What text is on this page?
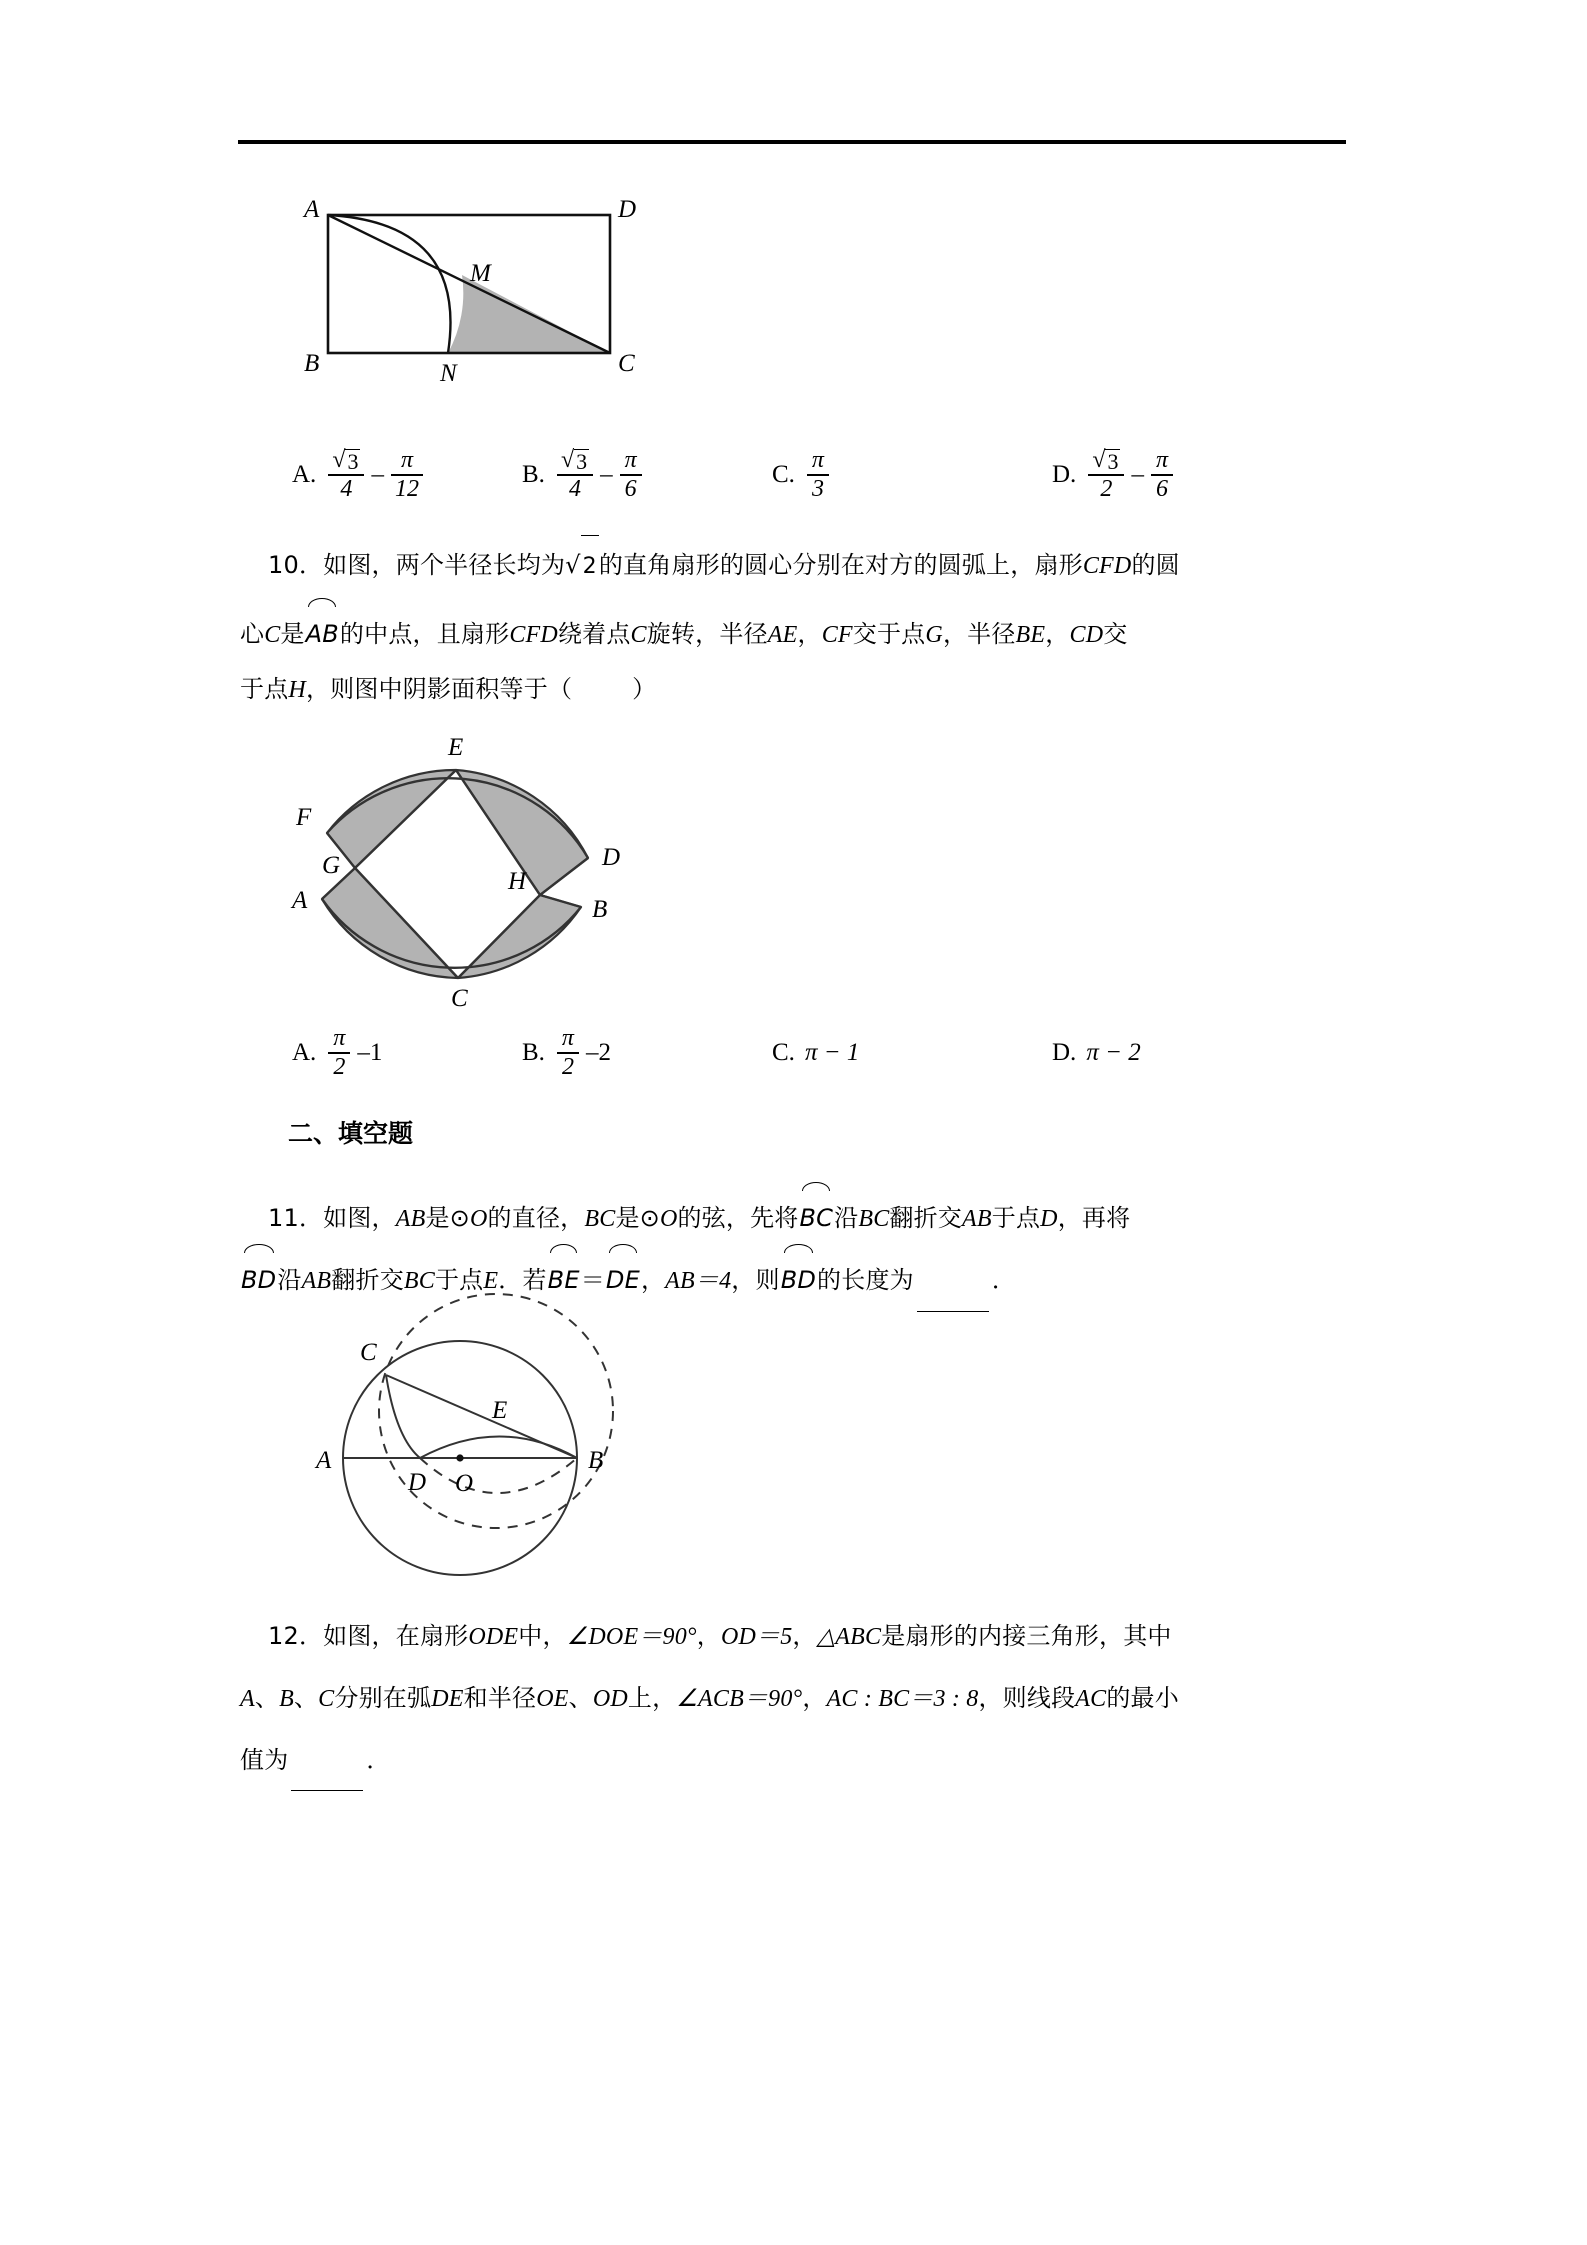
A	D
M
B	N	C
A. $\frac{√ 3}{4} - \frac{\pi}{12}$	B. $\frac{√ 3}{4} - \frac{\pi}{6}$	C. $\frac{\pi}{3}$	D. $\frac{√ 3}{2} - \frac{\pi}{6}$
10．如图，两个半径长均为 √ 2 的直角扇形的圆心分别在对方的圆弧上，扇形CFD的圆
心C是AB的中点，且扇形CFD绕着点C旋转，半径AE，CF交于点G，半径BE，CD交
于点H，则图中阴影面积等于（	）
E
F
G	D
A
H
B
C
A. $\frac{\pi}{2} -1$	B. $\frac{\pi}{2} -2$	C. π − 1	D. π − 2
二、填空题
11．如图，AB是⊙O的直径，BC是⊙O的弦，先将BC沿BC翻折交AB于点D，再将
BD沿AB翻折交BC于点E．若BE＝DE，AB＝4，则BD的长度为	．
C
E
A
D O
B
12．如图，在扇形ODE中，∠DOE＝90°，OD＝5，△ABC是扇形的内接三角形，其中
A、B、C分别在弧DE和半径OE、OD上，∠ACB＝90°，AC : BC＝3 : 8，则线段AC的最小
值为	．
